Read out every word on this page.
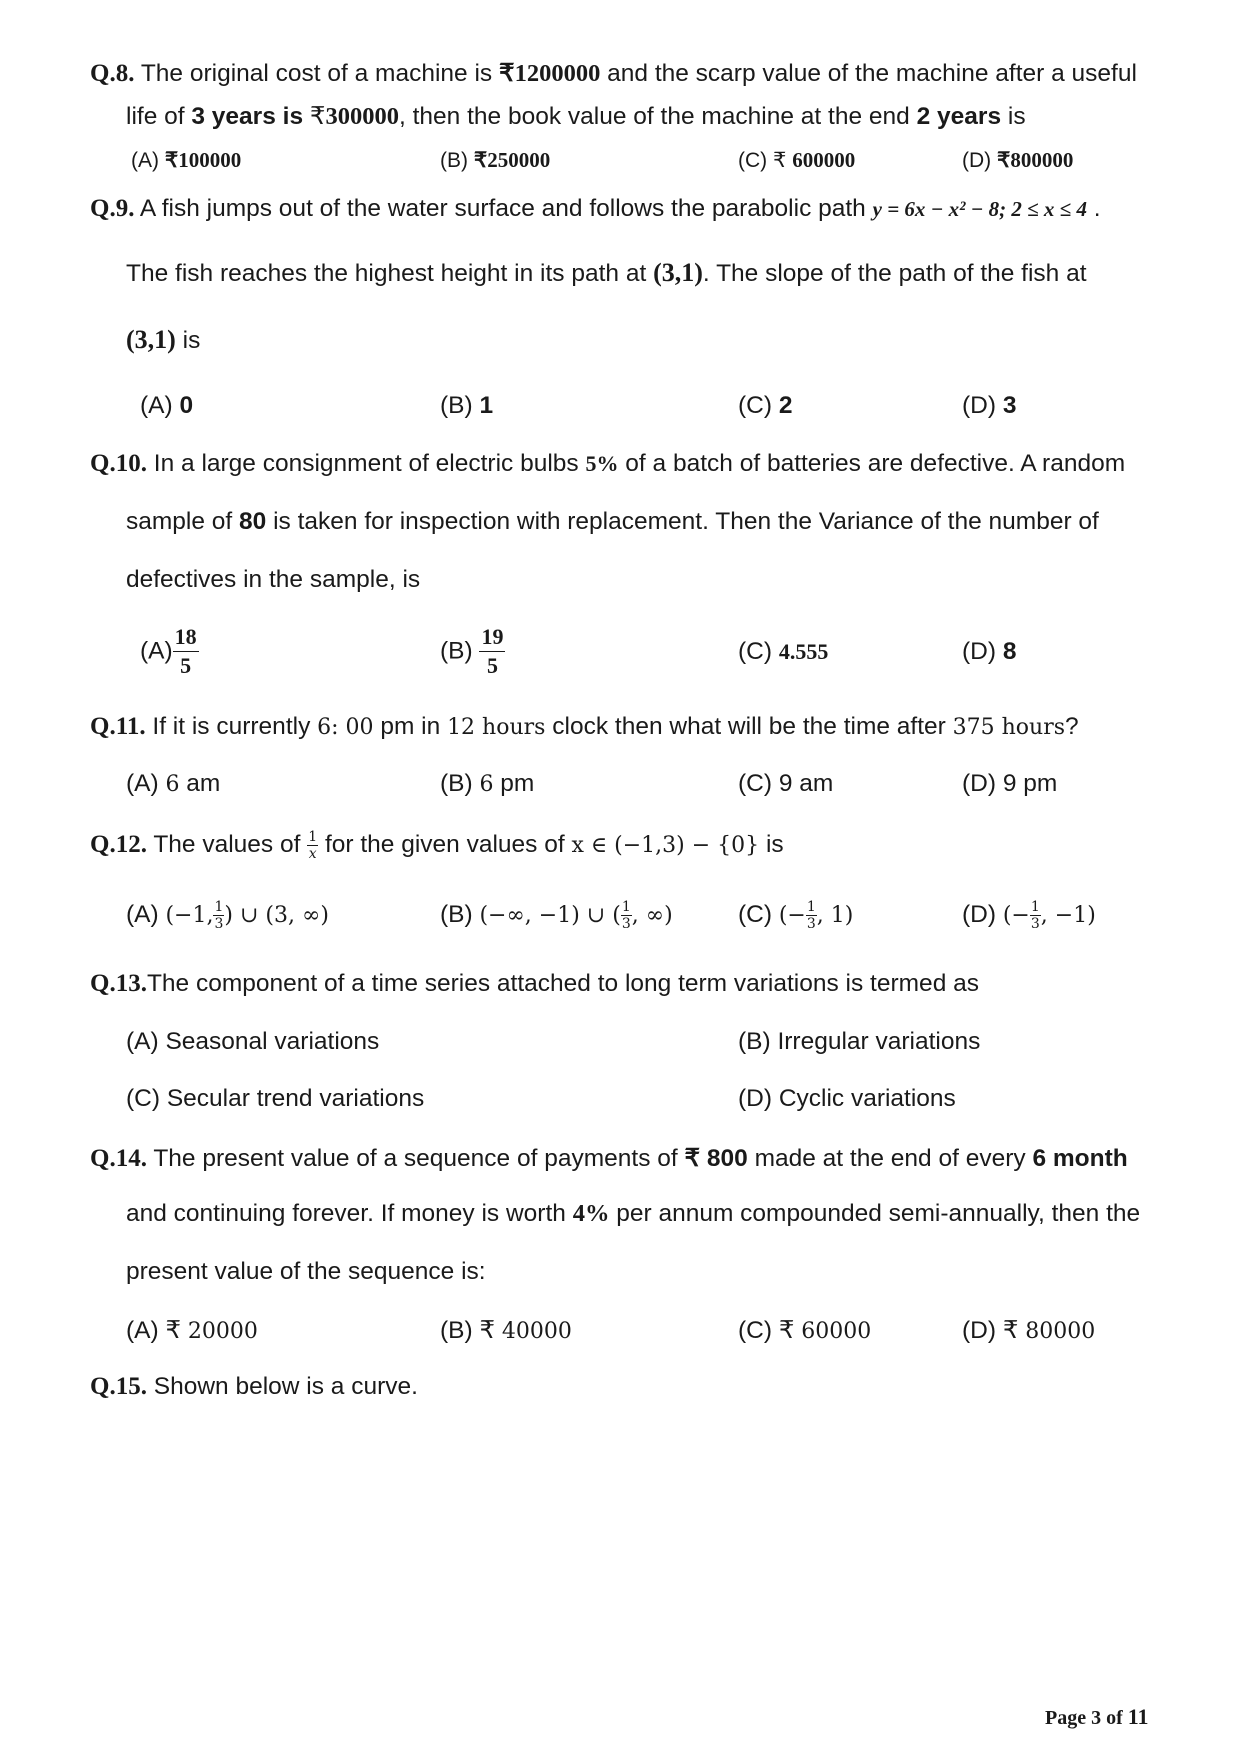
Q.8. The original cost of a machine is ₹1200000 and the scarp value of the machine after a useful
life of 3 years is ₹300000, then the book value of the machine at the end 2 years is
(A) ₹100000	(B) ₹250000	(C) ₹ 600000	(D) ₹800000
Q.9. A fish jumps out of the water surface and follows the parabolic path y = 6x − x² − 8; 2 ≤ x ≤ 4 .
The fish reaches the highest height in its path at (3,1). The slope of the path of the fish at
(3,1) is
(A) 0	(B) 1	(C) 2	(D) 3
Q.10. In a large consignment of electric bulbs 5% of a batch of batteries are defective. A random
sample of 80 is taken for inspection with replacement. Then the Variance of the number of
defectives in the sample, is
$(A) \frac{18}{5}$	$(B) \frac{19}{5}$	(C) 4.555	(D) 8
Q.11. If it is currently 6: 00 pm in 12 hours clock then what will be the time after 375 hours?
(A) 6 am	(B) 6 pm	(C) 9 am	(D) 9 pm
Q.12. The values of $\frac{1}{x}$ for the given values of x ∈ (−1,3) − {0} is
(A) (−1, $\frac{1}{3}$ ) ∪ (3, ∞)	(B) (−∞, −1) ∪ ( $\frac{1}{3}$ , ∞)	(C) (− $\frac{1}{3}$ , 1)	(D) (− $\frac{1}{3}$ , −1)
Q.13.The component of a time series attached to long term variations is termed as
(A) Seasonal variations	(B) Irregular variations
(C) Secular trend variations	(D) Cyclic variations
Q.14. The present value of a sequence of payments of ₹ 800 made at the end of every 6 month
and continuing forever. If money is worth 4% per annum compounded semi-annually, then the
present value of the sequence is:
(A) ₹ 20000	(B) ₹ 40000	(C) ₹ 60000	(D) ₹ 80000
Q.15. Shown below is a curve.
Page 3 of 11
